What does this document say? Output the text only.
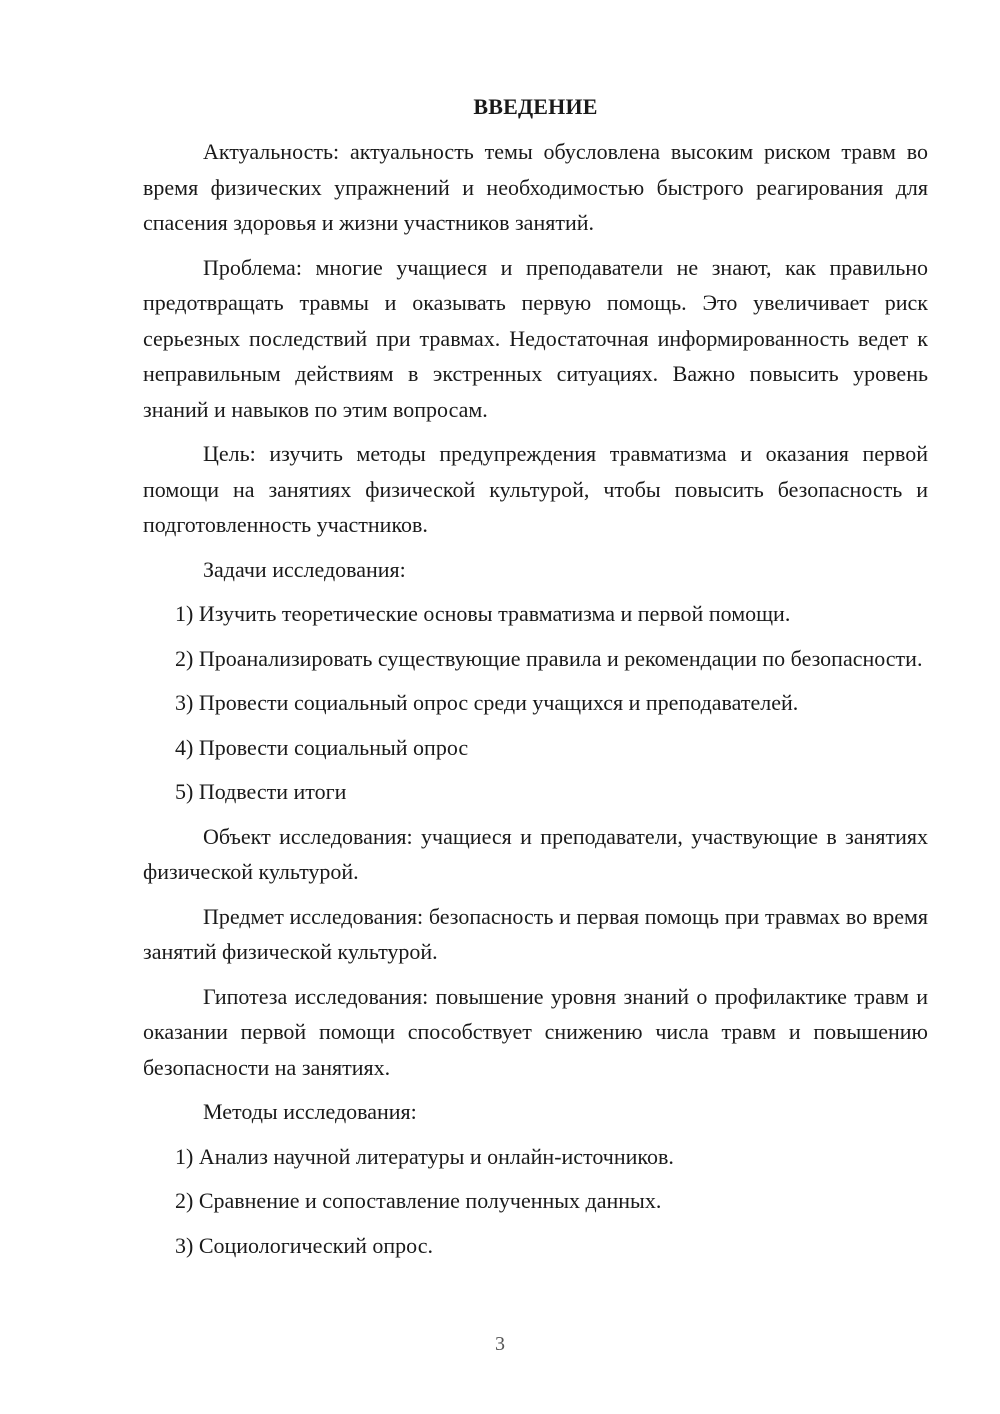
ВВЕДЕНИЕ

Актуальность: актуальность темы обусловлена высоким риском травм во время физических упражнений и необходимостью быстрого реагирования для спасения здоровья и жизни участников занятий.

Проблема: многие учащиеся и преподаватели не знают, как правильно предотвращать травмы и оказывать первую помощь. Это увеличивает риск серьезных последствий при травмах. Недостаточная информированность ведет к неправильным действиям в экстренных ситуациях. Важно повысить уровень знаний и навыков по этим вопросам.

Цель: изучить методы предупреждения травматизма и оказания первой помощи на занятиях физической культурой, чтобы повысить безопасность и подготовленность участников.

Задачи исследования:

1) Изучить теоретические основы травматизма и первой помощи.
2) Проанализировать существующие правила и рекомендации по безопасности.
3) Провести социальный опрос среди учащихся и преподавателей.
4) Провести социальный опрос
5) Подвести итоги

Объект исследования: учащиеся и преподаватели, участвующие в занятиях физической культурой.

Предмет исследования: безопасность и первая помощь при травмах во время занятий физической культурой.

Гипотеза исследования: повышение уровня знаний о профилактике травм и оказании первой помощи способствует снижению числа травм и повышению безопасности на занятиях.

Методы исследования:

1) Анализ научной литературы и онлайн-источников.
2) Сравнение и сопоставление полученных данных.
3) Социологический опрос.
3
